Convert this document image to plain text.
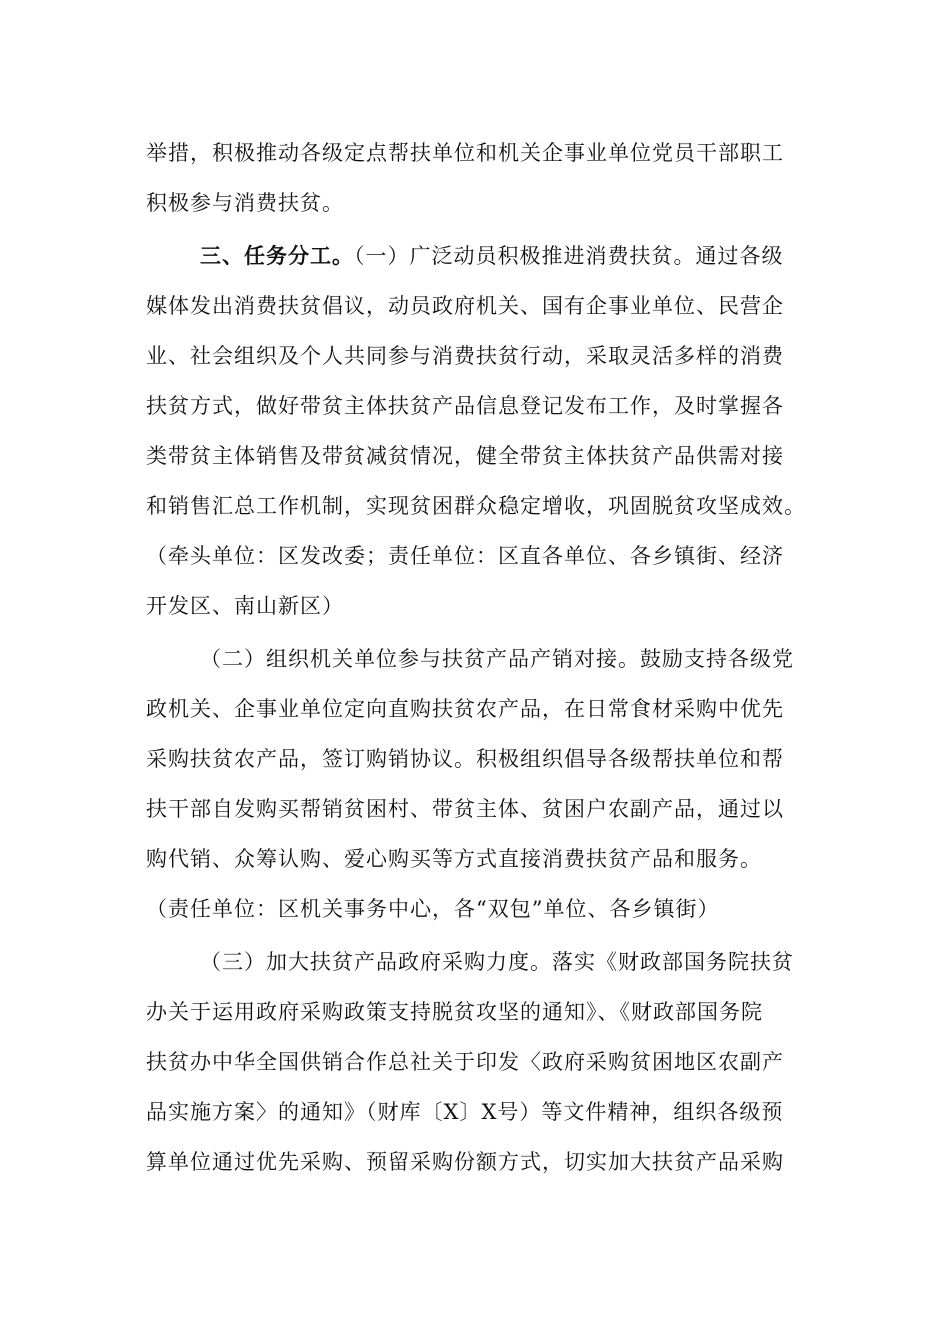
举措，积极推动各级定点帮扶单位和机关企事业单位党员干部职工
积极参与消费扶贫。
三、任务分工。（一）广泛动员积极推进消费扶贫。通过各级
媒体发出消费扶贫倡议，动员政府机关、国有企事业单位、民营企
业、社会组织及个人共同参与消费扶贫行动，采取灵活多样的消费
扶贫方式，做好带贫主体扶贫产品信息登记发布工作，及时掌握各
类带贫主体销售及带贫减贫情况，健全带贫主体扶贫产品供需对接
和销售汇总工作机制，实现贫困群众稳定增收，巩固脱贫攻坚成效。
（牵头单位：区发改委；责任单位：区直各单位、各乡镇街、经济
开发区、南山新区）
（二）组织机关单位参与扶贫产品产销对接。鼓励支持各级党
政机关、企事业单位定向直购扶贫农产品，在日常食材采购中优先
采购扶贫农产品，签订购销协议。积极组织倡导各级帮扶单位和帮
扶干部自发购买帮销贫困村、带贫主体、贫困户农副产品，通过以
购代销、众筹认购、爱心购买等方式直接消费扶贫产品和服务。
（责任单位：区机关事务中心，各“双包”单位、各乡镇街）
（三）加大扶贫产品政府采购力度。落实《财政部国务院扶贫
办关于运用政府采购政策支持脱贫攻坚的通知》、《财政部国务院
扶贫办中华全国供销合作总社关于印发〈政府采购贫困地区农副产
品实施方案〉的通知》（财库〔X〕X号）等文件精神，组织各级预
算单位通过优先采购、预留采购份额方式，切实加大扶贫产品采购
